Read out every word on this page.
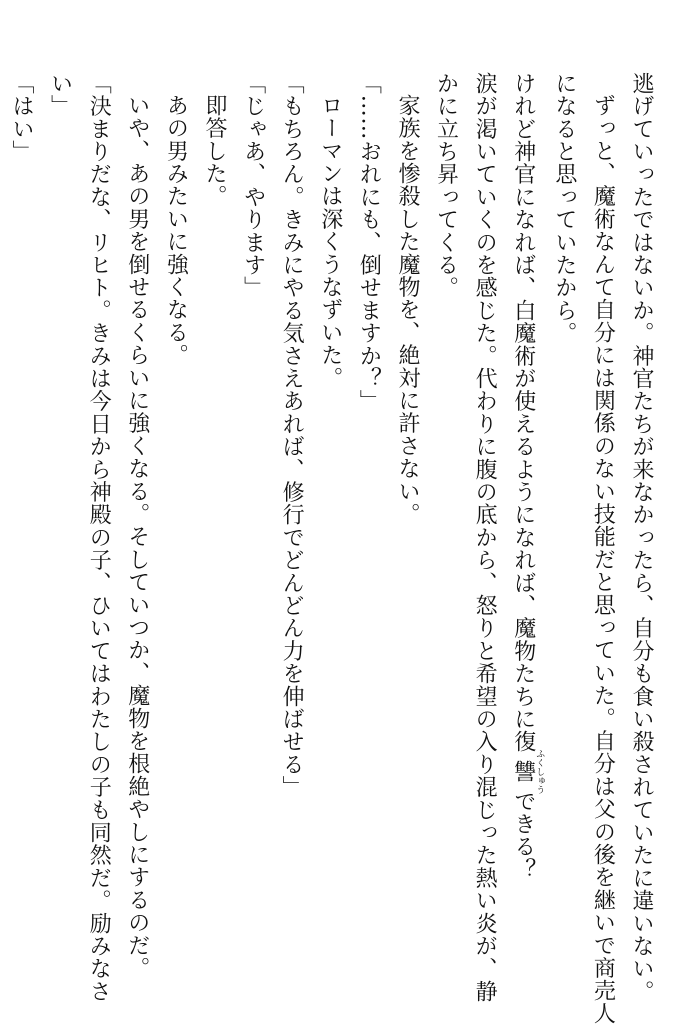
逃げていったではないか。神官たちが来なかったら、自分も食い殺されていたに違いない。
ずっと、魔術なんて自分には関係のない技能だと思っていた。自分は父の後を継いで商売人
になると思っていたから。
けれど神官になれば、白魔術が使えるようになれば、魔物たちに復讐ふくしゅうできる？
涙が渇いていくのを感じた。代わりに腹の底から、怒りと希望の入り混じった熱い炎が、静
かに立ち昇ってくる。
家族を惨殺した魔物を、絶対に許さない。
「……おれにも、倒せますか？」
ローマンは深くうなずいた。
「もちろん。きみにやる気さえあれば、修行でどんどん力を伸ばせる」
「じゃあ、やります」
即答した。
あの男みたいに強くなる。
いや、あの男を倒せるくらいに強くなる。そしていつか、魔物を根絶やしにするのだ。
「決まりだな、リヒト。きみは今日から神殿の子、ひいてはわたしの子も同然だ。励みなさ
い」
「はい」
